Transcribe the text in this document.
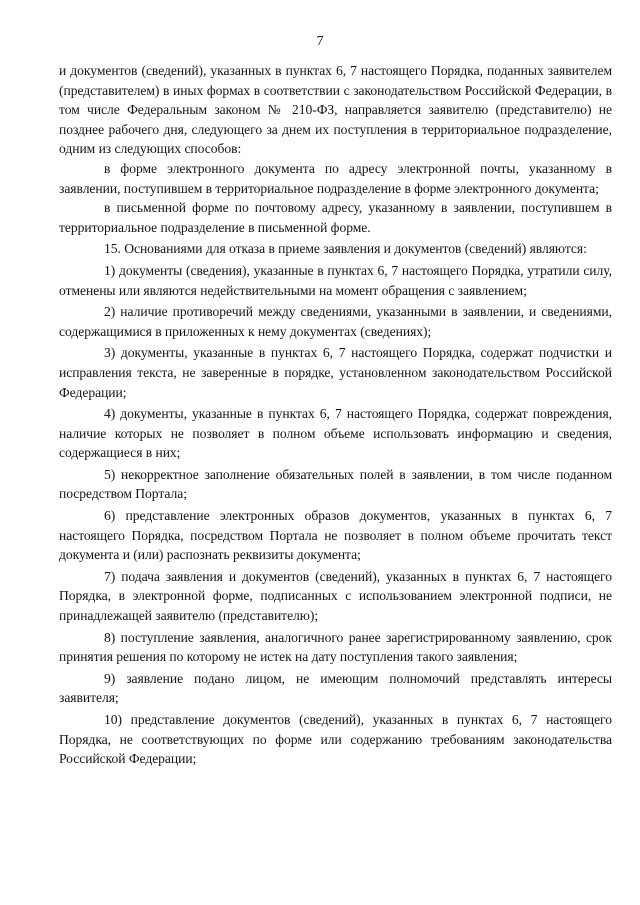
7

и документов (сведений), указанных в пунктах 6, 7 настоящего Порядка, поданных заявителем (представителем) в иных формах в соответствии с законодательством Российской Федерации, в том числе Федеральным законом № 210-ФЗ, направляется заявителю (представителю) не позднее рабочего дня, следующего за днем их поступления в территориальное подразделение, одним из следующих способов:

в форме электронного документа по адресу электронной почты, указанному в заявлении, поступившем в территориальное подразделение в форме электронного документа;

в письменной форме по почтовому адресу, указанному в заявлении, поступившем в территориальное подразделение в письменной форме.

15. Основаниями для отказа в приеме заявления и документов (сведений) являются:

1) документы (сведения), указанные в пунктах 6, 7 настоящего Порядка, утратили силу, отменены или являются недействительными на момент обращения с заявлением;

2) наличие противоречий между сведениями, указанными в заявлении, и сведениями, содержащимися в приложенных к нему документах (сведениях);

3) документы, указанные в пунктах 6, 7 настоящего Порядка, содержат подчистки и исправления текста, не заверенные в порядке, установленном законодательством Российской Федерации;

4) документы, указанные в пунктах 6, 7 настоящего Порядка, содержат повреждения, наличие которых не позволяет в полном объеме использовать информацию и сведения, содержащиеся в них;

5) некорректное заполнение обязательных полей в заявлении, в том числе поданном посредством Портала;

6) представление электронных образов документов, указанных в пунктах 6, 7 настоящего Порядка, посредством Портала не позволяет в полном объеме прочитать текст документа и (или) распознать реквизиты документа;

7) подача заявления и документов (сведений), указанных в пунктах 6, 7 настоящего Порядка, в электронной форме, подписанных с использованием электронной подписи, не принадлежащей заявителю (представителю);

8) поступление заявления, аналогичного ранее зарегистрированному заявлению, срок принятия решения по которому не истек на дату поступления такого заявления;

9) заявление подано лицом, не имеющим полномочий представлять интересы заявителя;

10) представление документов (сведений), указанных в пунктах 6, 7 настоящего Порядка, не соответствующих по форме или содержанию требованиям законодательства Российской Федерации;
